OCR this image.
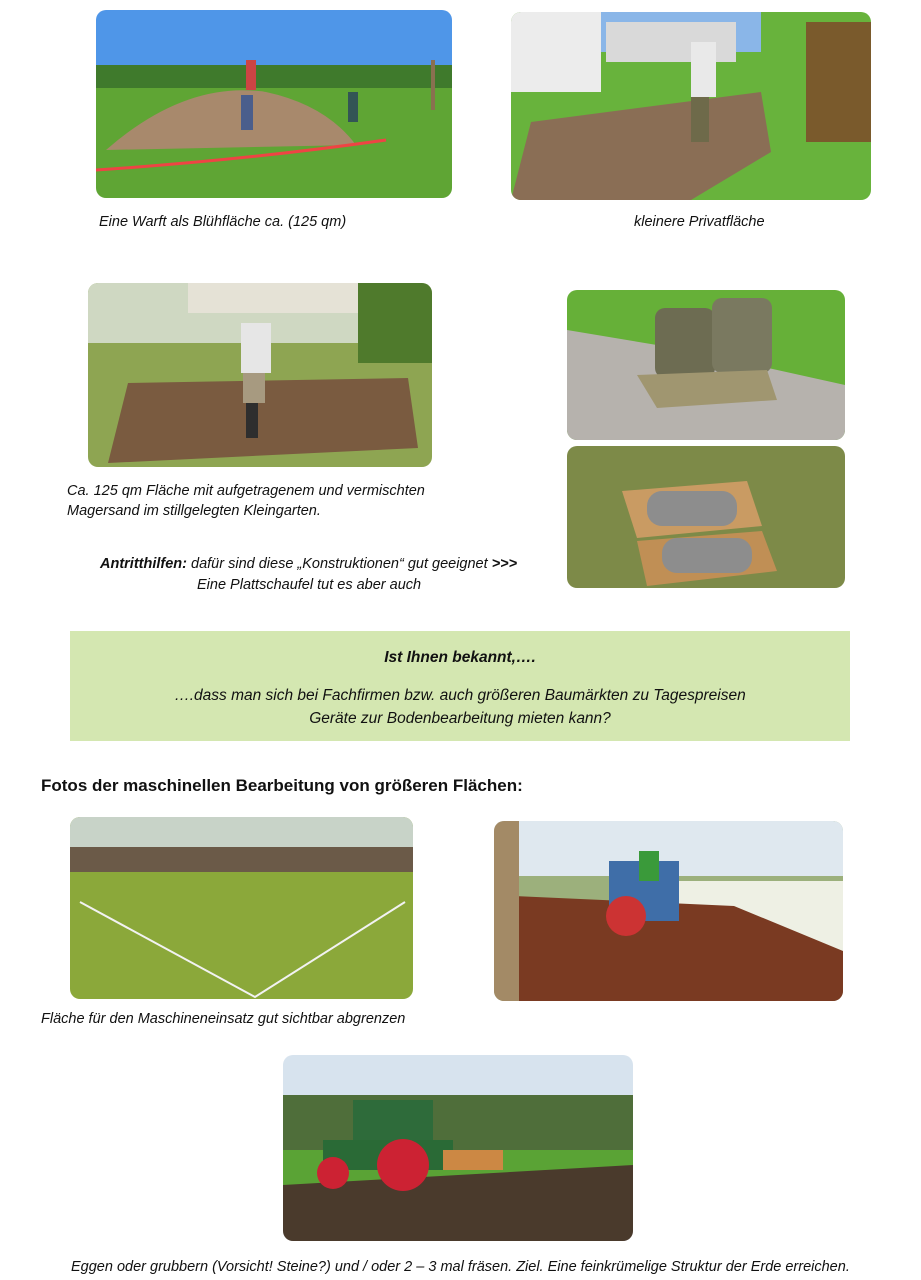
Eine Warft als Blühfläche ca. (125 qm)	kleinere Privatfläche
Ca. 125 qm Fläche mit aufgetragenem und vermischten
Magersand im stillgelegten Kleingarten.
Antritthilfen: dafür sind diese „Konstruktionen“ gut geeignet >>>
Eine Plattschaufel tut es aber auch
Ist Ihnen bekannt,….
….dass man sich bei Fachfirmen bzw. auch größeren Baumärkten zu Tagespreisen
Geräte zur Bodenbearbeitung mieten kann?
Fotos der maschinellen Bearbeitung von größeren Flächen:
Fläche für den Maschineneinsatz gut sichtbar abgrenzen
Eggen oder grubbern (Vorsicht! Steine?) und / oder 2 – 3 mal fräsen. Ziel. Eine feinkrümelige Struktur der Erde erreichen.
